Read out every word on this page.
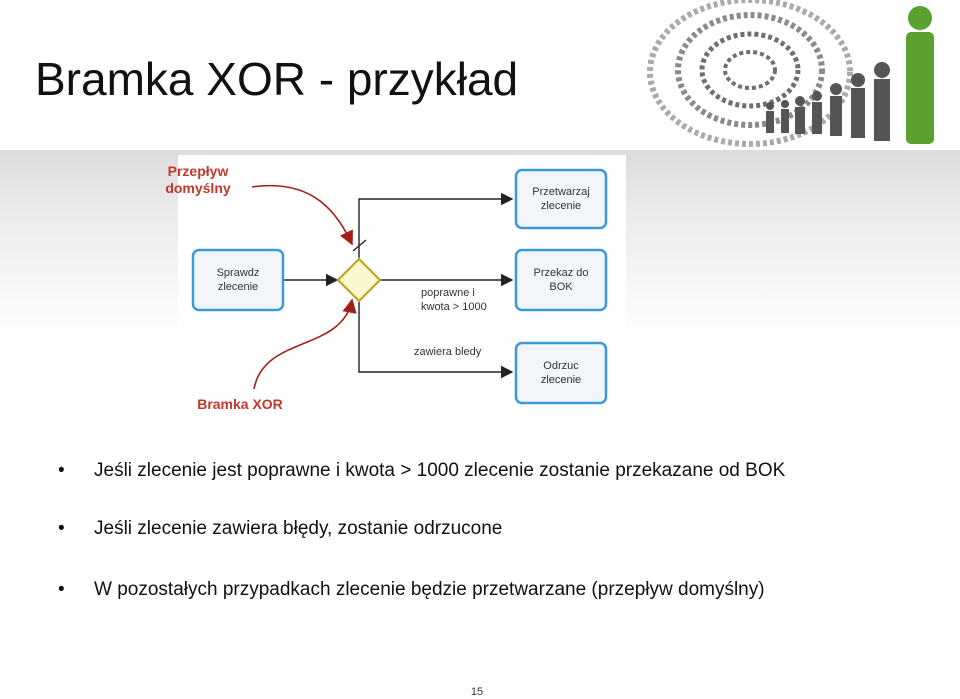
Bramka XOR - przykład
Sprawdz
zlecenie
Przetwarzaj
zlecenie
Przekaz do
BOK
Odrzuc
zlecenie
poprawne i
kwota > 1000
zawiera bledy
Przepływ domyślny
Bramka XOR
• Jeśli zlecenie jest poprawne i kwota > 1000 zlecenie zostanie przekazane od BOK
• Jeśli zlecenie zawiera błędy, zostanie odrzucone
• W pozostałych przypadkach zlecenie będzie przetwarzane (przepływ domyślny)
15
